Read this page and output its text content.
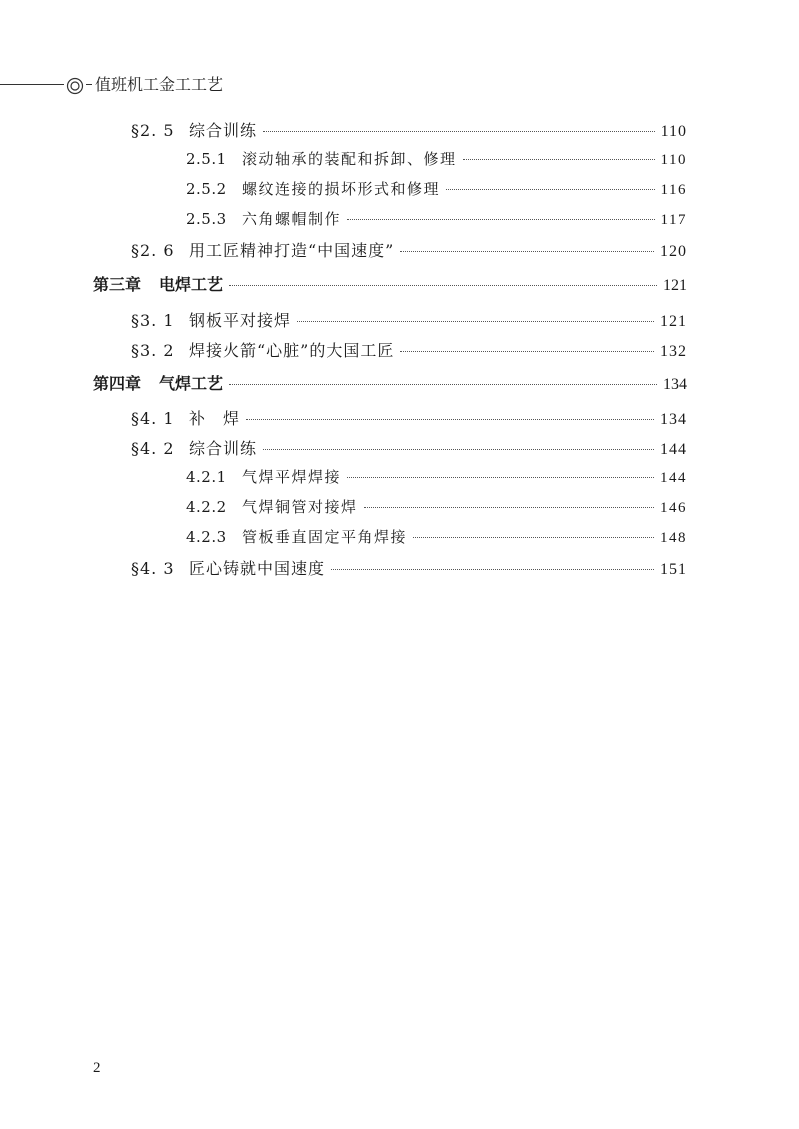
值班机工金工工艺
§2. 5 综合训练	110
2.5.1 滚动轴承的装配和拆卸、修理	110
2.5.2 螺纹连接的损坏形式和修理	116
2.5.3 六角螺帽制作	117
§2. 6 用工匠精神打造“中国速度”	120
第三章 电焊工艺	121
§3. 1 钢板平对接焊	121
§3. 2 焊接火箭“心脏”的大国工匠	132
第四章 气焊工艺	134
§4. 1 补　焊	134
§4. 2 综合训练	144
4.2.1 气焊平焊焊接	144
4.2.2 气焊铜管对接焊	146
4.2.3 管板垂直固定平角焊接	148
§4. 3 匠心铸就中国速度	151
2
